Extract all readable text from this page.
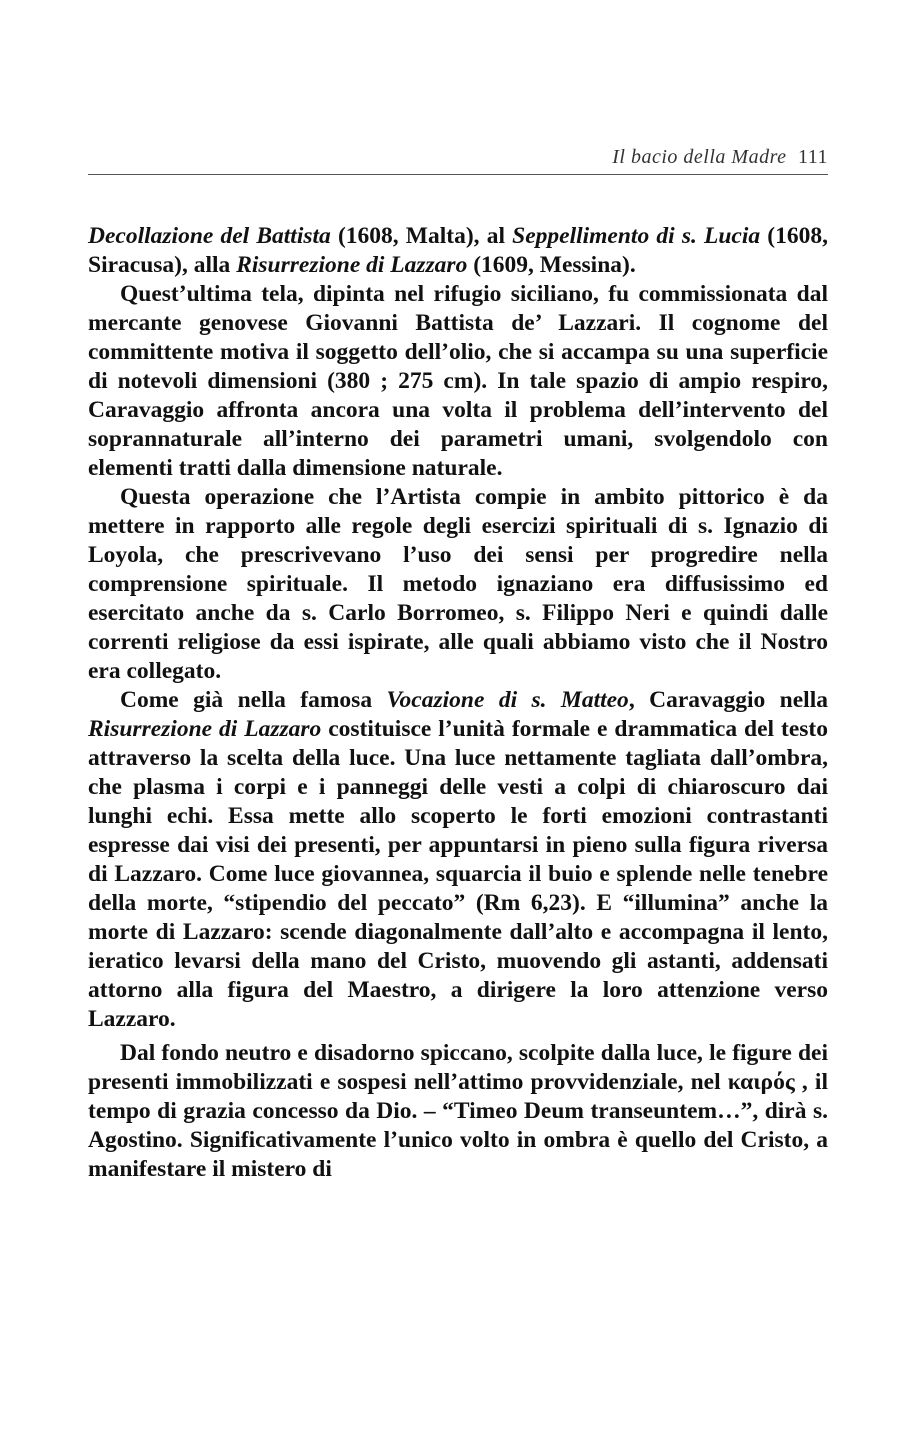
Il bacio della Madre 111

Decollazione del Battista (1608, Malta), al Seppellimento di s. Lucia (1608, Siracusa), alla Risurrezione di Lazzaro (1609, Messina).

Quest’ultima tela, dipinta nel rifugio siciliano, fu commissionata dal mercante genovese Giovanni Battista de’ Lazzari. Il cognome del committente motiva il soggetto dell’olio, che si accampa su una superficie di notevoli dimensioni (380 ; 275 cm). In tale spazio di ampio respiro, Caravaggio affronta ancora una volta il problema dell’intervento del soprannaturale all’interno dei parametri umani, svolgendolo con elementi tratti dalla dimensione naturale.

Questa operazione che l’Artista compie in ambito pittorico è da mettere in rapporto alle regole degli esercizi spirituali di s. Ignazio di Loyola, che prescrivevano l’uso dei sensi per progredire nella comprensione spirituale. Il metodo ignaziano era diffusissimo ed esercitato anche da s. Carlo Borromeo, s. Filippo Neri e quindi dalle correnti religiose da essi ispirate, alle quali abbiamo visto che il Nostro era collegato.

Come già nella famosa Vocazione di s. Matteo, Caravaggio nella Risurrezione di Lazzaro costituisce l’unità formale e drammatica del testo attraverso la scelta della luce. Una luce nettamente tagliata dall’ombra, che plasma i corpi e i panneggi delle vesti a colpi di chiaroscuro dai lunghi echi. Essa mette allo scoperto le forti emozioni contrastanti espresse dai visi dei presenti, per appuntarsi in pieno sulla figura riversa di Lazzaro. Come luce giovannea, squarcia il buio e splende nelle tenebre della morte, “stipendio del peccato” (Rm 6,23). E “illumina” anche la morte di Lazzaro: scende diagonalmente dall’alto e accompagna il lento, ieratico levarsi della mano del Cristo, muovendo gli astanti, addensati attorno alla figura del Maestro, a dirigere la loro attenzione verso Lazzaro.

Dal fondo neutro e disadorno spiccano, scolpite dalla luce, le figure dei presenti immobilizzati e sospesi nell’attimo provvidenziale, nel καιρός , il tempo di grazia concesso da Dio. – “Timeo Deum transeuntem…”, dirà s. Agostino. Significativamente l’unico volto in ombra è quello del Cristo, a manifestare il mistero di
